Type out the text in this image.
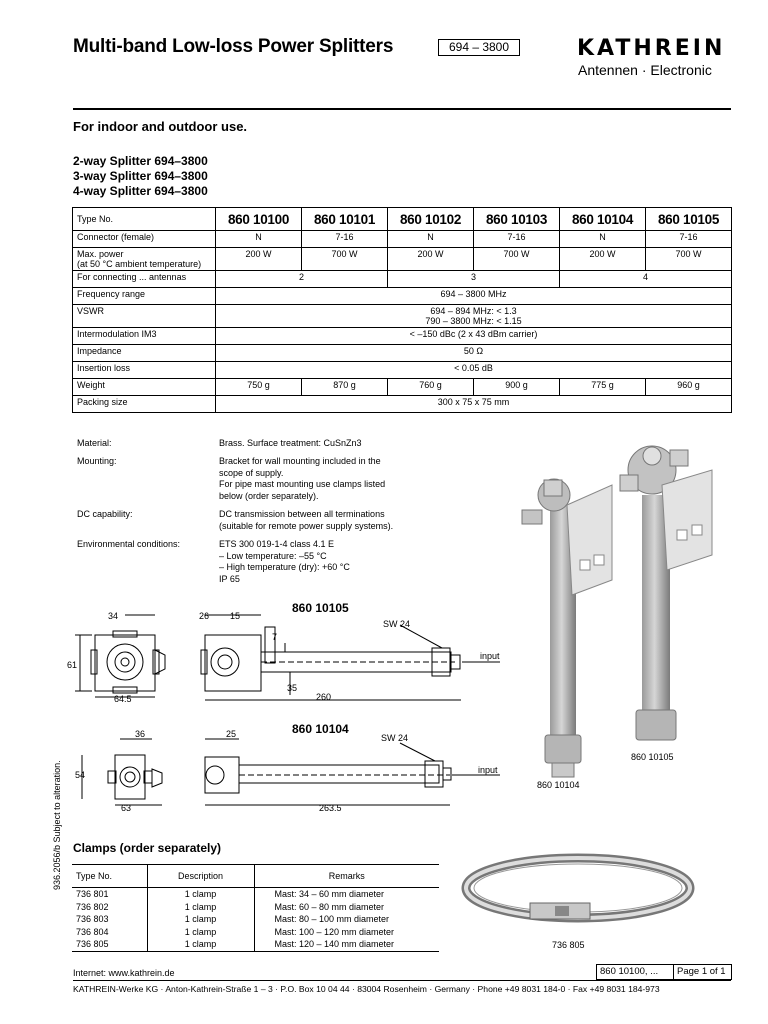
Multi-band Low-loss Power Splitters	694 – 3800	KATHREIN
Antennen · Electronic
For indoor and outdoor use.
2-way Splitter 694–3800
3-way Splitter 694–3800
4-way Splitter 694–3800
Type No.	860 10100	860 10101	860 10102	860 10103	860 10104	860 10105
Connector (female)	N	7-16	N	7-16	N	7-16

Max. power
(at 50 °C ambient temperature)	200 W	700 W	200 W	700 W	200 W	700 W
For connecting ... antennas	2		3		4	
Frequency range	694 – 3800 MHz					
VSWR	694 – 894 MHz: < 1.3
790 – 3800 MHz: < 1.15					

Intermodulation IM3	< –150 dBc (2 x 43 dBm carrier)					
Impedance	50 Ω					
Insertion loss	< 0.05 dB					
Weight	750 g	870 g	760 g	900 g	775 g	960 g
Packing size	300 x 75 x 75 mm					
Material:	Brass. Surface treatment: CuSnZn3
Mounting:	Bracket for wall mounting included in the
scope of supply.
For pipe mast mounting use clamps listed
below (order separately).
DC capability:	DC transmission between all terminations
(suitable for remote power supply systems).
Environmental conditions:	ETS 300 019-1-4 class 4.1 E
– Low temperature: –55 °C
– High temperature (dry): +60 °C
IP 65
860 10104
860 10105
860 10105
34	26 15
7
61
35
64.5	260
SW 24
input
860 10104
36	25
54
63	263.5
SW 24
input
936.2056/b Subject to alteration. Clamps (order separately)
Type No.	Description	Remarks
736 801	1 clamp	Mast: 34 – 60 mm diameter
736 802	1 clamp	Mast: 60 – 80 mm diameter
736 803	1 clamp	Mast: 80 – 100 mm diameter
736 804	1 clamp	Mast: 100 – 120 mm diameter
736 805	1 clamp	Mast: 120 – 140 mm diameter	736 805
Internet: www.kathrein.de	860 10100, ... Page 1 of 1
KATHREIN-Werke KG · Anton-Kathrein-Straße 1 – 3 · P.O. Box 10 04 44 · 83004 Rosenheim · Germany · Phone +49 8031 184-0 · Fax +49 8031 184-973
